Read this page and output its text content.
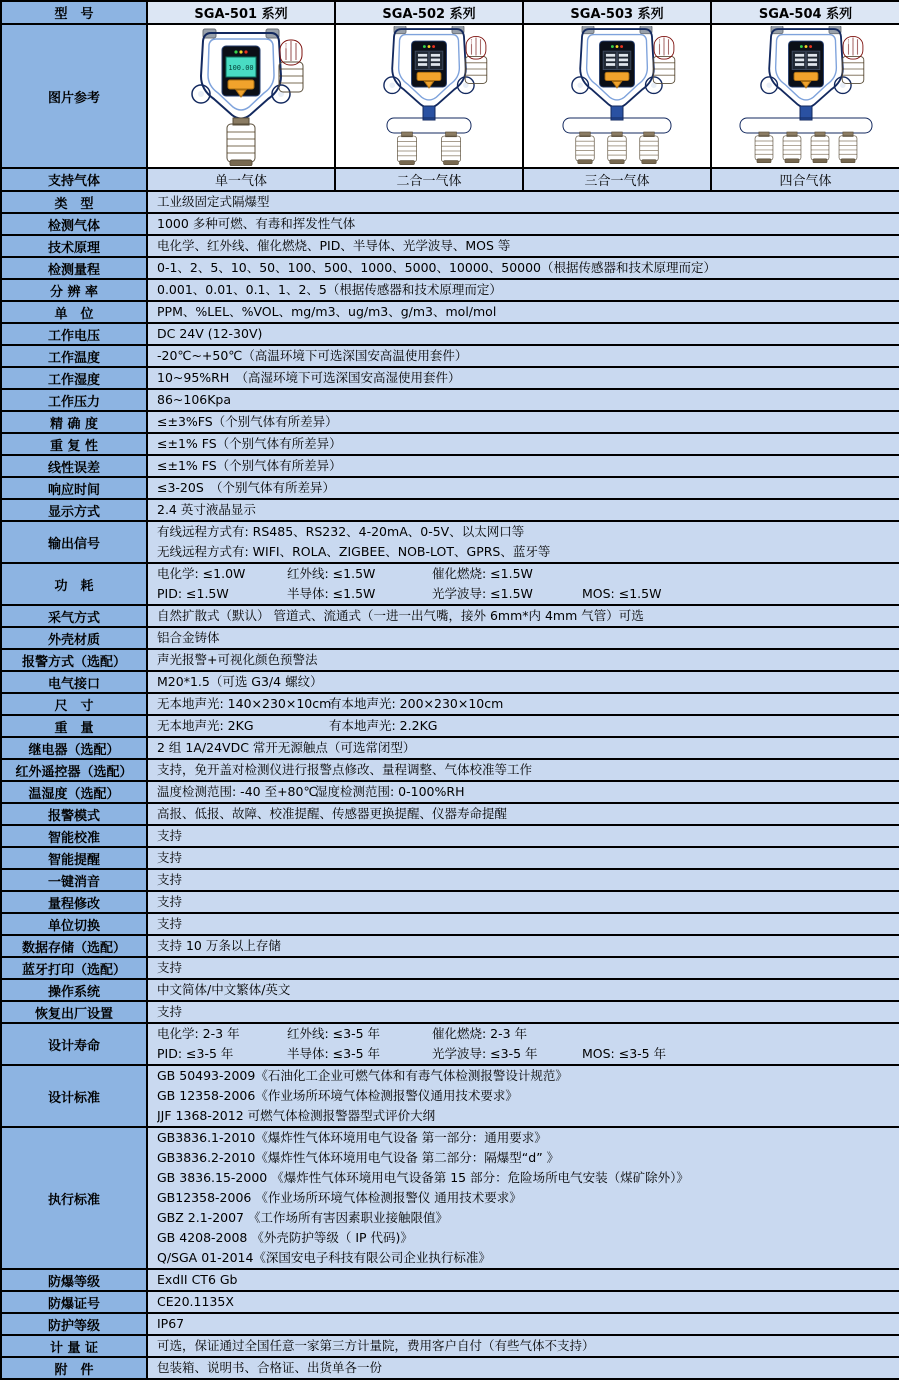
型　号	SGA-501 系列	SGA-502 系列	SGA-503 系列	SGA-504 系列
图片参考	100.00

支持气体	单一气体	二合一气体	三合一气体	四合气体
类　型	工业级固定式隔爆型			

检测气体	1000 多种可燃、有毒和挥发性气体			

技术原理	电化学、红外线、催化燃烧、PID、半导体、光学波导、MOS 等			

检测量程	0-1、2、5、10、50、100、500、1000、5000、10000、50000（根据传感器和技术原理而定）			

分 辨 率	0.001、0.01、0.1、1、2、5（根据传感器和技术原理而定）			

单　位	PPM、%LEL、%VOL、mg/m3、ug/m3、g/m3、mol/mol			

工作电压	DC 24V (12-30V)			

工作温度	-20℃~+50℃（高温环境下可选深国安高温使用套件）			

工作湿度	10~95%RH　（高湿环境下可选深国安高湿使用套件）			

工作压力	86~106Kpa			

精 确 度	≤±3%FS（个别气体有所差异）			

重 复 性	≤±1% FS（个别气体有所差异）			

线性误差	≤±1% FS（个别气体有所差异）			

响应时间	≤3-20S　（个别气体有所差异）			

显示方式	2.4 英寸液晶显示			

输出信号	有线远程方式有: RS485、RS232、4-20mA、0-5V、以太网口等
无线远程方式有: WIFI、ROLA、ZIGBEE、NOB-LOT、GPRS、蓝牙等			

功　耗	电化学: ≤1.0W 红外线: ≤1.5W 催化燃烧: ≤1.5W
PID: ≤1.5W 半导体: ≤1.5W 光学波导: ≤1.5W MOS: ≤1.5W			

采气方式	自然扩散式（默认） 管道式、流通式（一进一出气嘴，接外 6mm*内 4mm 气管）可选			

外壳材质	铝合金铸体			

报警方式（选配）	声光报警+可视化颜色预警法			

电气接口	M20*1.5（可选 G3/4 螺纹）			

尺　寸	无本地声光: 140×230×10cm有本地声光: 200×230×10cm			

重　量	无本地声光: 2KG 有本地声光: 2.2KG			

继电器（选配）	2 组 1A/24VDC 常开无源触点（可选常闭型）			

红外遥控器（选配）	支持，免开盖对检测仪进行报警点修改、量程调整、气体校准等工作			

温湿度（选配）	温度检测范围: -40 至+80℃湿度检测范围: 0-100%RH			

报警模式	高报、低报、故障、校准提醒、传感器更换提醒、仪器寿命提醒			

智能校准	支持			

智能提醒	支持			

一键消音	支持			

量程修改	支持			

单位切换	支持			

数据存储（选配）	支持 10 万条以上存储			

蓝牙打印（选配）	支持			

操作系统	中文简体/中文繁体/英文			

恢复出厂设置	支持			

设计寿命	电化学: 2-3 年 红外线: ≤3-5 年 催化燃烧: 2-3 年
PID: ≤3-5 年 半导体: ≤3-5 年 光学波导: ≤3-5 年 MOS: ≤3-5 年			

设计标准	GB 50493-2009《石油化工企业可燃气体和有毒气体检测报警设计规范》
GB 12358-2006《作业场所环境气体检测报警仪通用技术要求》
JJF 1368-2012 可燃气体检测报警器型式评价大纲			

执行标准	
GB3836.1-2010《爆炸性气体环境用电气设备 第一部分：通用要求》
GB3836.2-2010《爆炸性气体环境用电气设备 第二部分：隔爆型“d” 》
GB 3836.15-2000 《爆炸性气体环境用电气设备第 15 部分：危险场所电气安装（煤矿除外）》
GB12358-2006 《作业场所环境气体检测报警仪 通用技术要求》
GBZ 2.1-2007 《工作场所有害因素职业接触限值》
GB 4208-2008 《外壳防护等级（ IP 代码)》
Q/SGA 01-2014《深国安电子科技有限公司企业执行标准》

防爆等级	ExdII CT6 Gb			

防爆证号	CE20.1135X			

防护等级	IP67			

计 量 证	可选，保证通过全国任意一家第三方计量院，费用客户自付（有些气体不支持）			

附　件	包装箱、说明书、合格证、出货单各一份			
